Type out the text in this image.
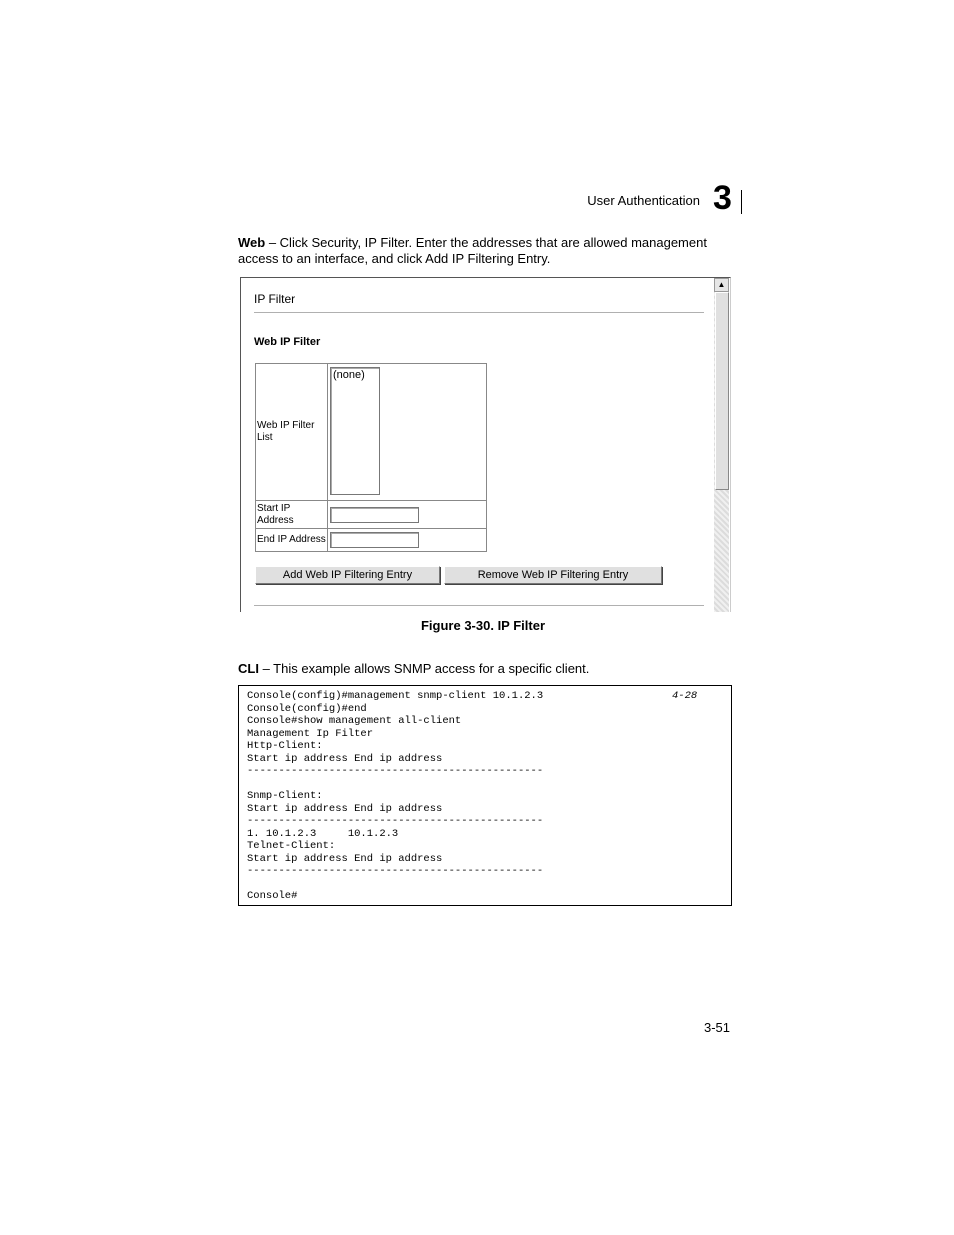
User Authentication 3
Web – Click Security, IP Filter. Enter the addresses that are allowed management access to an interface, and click Add IP Filtering Entry.
IP Filter
Web IP Filter
Web IP Filter List
(none)
Start IP Address
End IP Address
Add Web IP Filtering Entry	Remove Web IP Filtering Entry
▲
Figure 3-30. IP Filter
CLI – This example allows SNMP access for a specific client.
Console(config)#management snmp-client 10.1.2.3
Console(config)#end
Console#show management all-client
Management Ip Filter
Http-Client:
Start ip address End ip address
-----------------------------------------------

Snmp-Client:
Start ip address End ip address
-----------------------------------------------
1. 10.1.2.3     10.1.2.3
Telnet-Client:
Start ip address End ip address
-----------------------------------------------

Console#
4-28
3-51
